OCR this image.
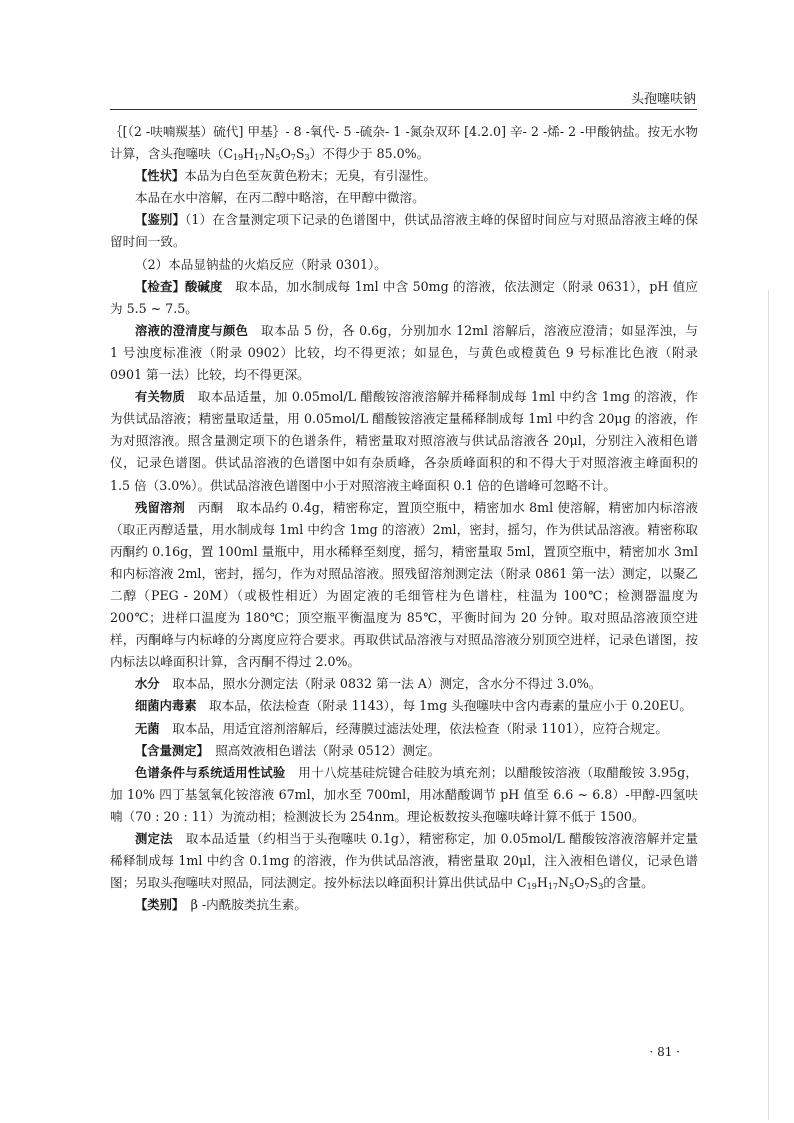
头孢噻呋钠

｛[（2 -呋喃羰基）硫代] 甲基｝- 8 -氧代- 5 -硫杂- 1 -氮杂双环 [4.2.0] 辛- 2 -烯- 2 -甲酸钠盐。按无水物计算，含头孢噻呋$(C_{19}H_{17}N_5O_7S_3)$不得少于 85.0%。

【性状】本品为白色至灰黄色粉末；无臭，有引湿性。

本品在水中溶解，在丙二醇中略溶，在甲醇中微溶。

【鉴别】（1）在含量测定项下记录的色谱图中，供试品溶液主峰的保留时间应与对照品溶液主峰的保留时间一致。

（2）本品显钠盐的火焰反应（附录 0301）。

【检查】酸碱度　 取本品，加水制成每 1ml 中含 50mg 的溶液，依法测定（附录 0631），pH 值应为 5.5 ~ 7.5。

溶液的澄清度与颜色　 取本品 5 份，各 0.6g，分别加水 12ml 溶解后，溶液应澄清；如显浑浊，与 1 号浊度标准液（附录 0902）比较，均不得更浓；如显色，与黄色或橙黄色 9 号标准比色液（附录 0901 第一法）比较，均不得更深。

有关物质　 取本品适量，加 0.05mol/L 醋酸铵溶液溶解并稀释制成每 1ml 中约含 1mg 的溶液，作为供试品溶液；精密量取适量，用 0.05mol/L 醋酸铵溶液定量稀释制成每 1ml 中约含 20μg 的溶液，作为对照溶液。照含量测定项下的色谱条件，精密量取对照溶液与供试品溶液各 20μl，分别注入液相色谱仪，记录色谱图。供试品溶液的色谱图中如有杂质峰，各杂质峰面积的和不得大于对照溶液主峰面积的 1.5 倍（3.0%）。供试品溶液色谱图中小于对照溶液主峰面积 0.1 倍的色谱峰可忽略不计。

残留溶剂　 丙酮　取本品约 0.4g，精密称定，置顶空瓶中，精密加水 8ml 使溶解，精密加内标溶液（取正丙醇适量，用水制成每 1ml 中约含 1mg 的溶液）2ml，密封，摇匀，作为供试品溶液。精密称取丙酮约 0.16g，置 100ml 量瓶中，用水稀释至刻度，摇匀，精密量取 5ml，置顶空瓶中，精密加水 3ml 和内标溶液 2ml，密封，摇匀，作为对照品溶液。照残留溶剂测定法（附录 0861 第一法）测定，以聚乙二醇（PEG - 20M）（或极性相近）为固定液的毛细管柱为色谱柱，柱温为 100℃；检测器温度为 200℃；进样口温度为 180℃；顶空瓶平衡温度为 85℃，平衡时间为 20 分钟。取对照品溶液顶空进样，丙酮峰与内标峰的分离度应符合要求。再取供试品溶液与对照品溶液分别顶空进样，记录色谱图，按内标法以峰面积计算，含丙酮不得过 2.0%。

水分　 取本品，照水分测定法（附录 0832 第一法 A）测定，含水分不得过 3.0%。

细菌内毒素　 取本品，依法检查（附录 1143），每 1mg 头孢噻呋中含内毒素的量应小于 0.20EU。

无菌　 取本品，用适宜溶剂溶解后，经薄膜过滤法处理，依法检查（附录 1101），应符合规定。

【含量测定】　 照高效液相色谱法（附录 0512）测定。

色谱条件与系统适用性试验　 用十八烷基硅烷键合硅胶为填充剂；以醋酸铵溶液（取醋酸铵 3.95g，加 10% 四丁基氢氧化铵溶液 67ml，加水至 700ml，用冰醋酸调节 pH 值至 6.6 ~ 6.8）-甲醇-四氢呋喃（70 : 20 : 11）为流动相；检测波长为 254nm。理论板数按头孢噻呋峰计算不低于 1500。

测定法　 取本品适量（约相当于头孢噻呋 0.1g），精密称定，加 0.05mol/L 醋酸铵溶液溶解并定量稀释制成每 1ml 中约含 0.1mg 的溶液，作为供试品溶液，精密量取 20μl，注入液相色谱仪，记录色谱图；另取头孢噻呋对照品，同法测定。按外标法以峰面积计算出供试品中 $C_{19}H_{17}N_5O_7S_3$的含量。

【类别】　 β -内酰胺类抗生素。

· 81 ·
